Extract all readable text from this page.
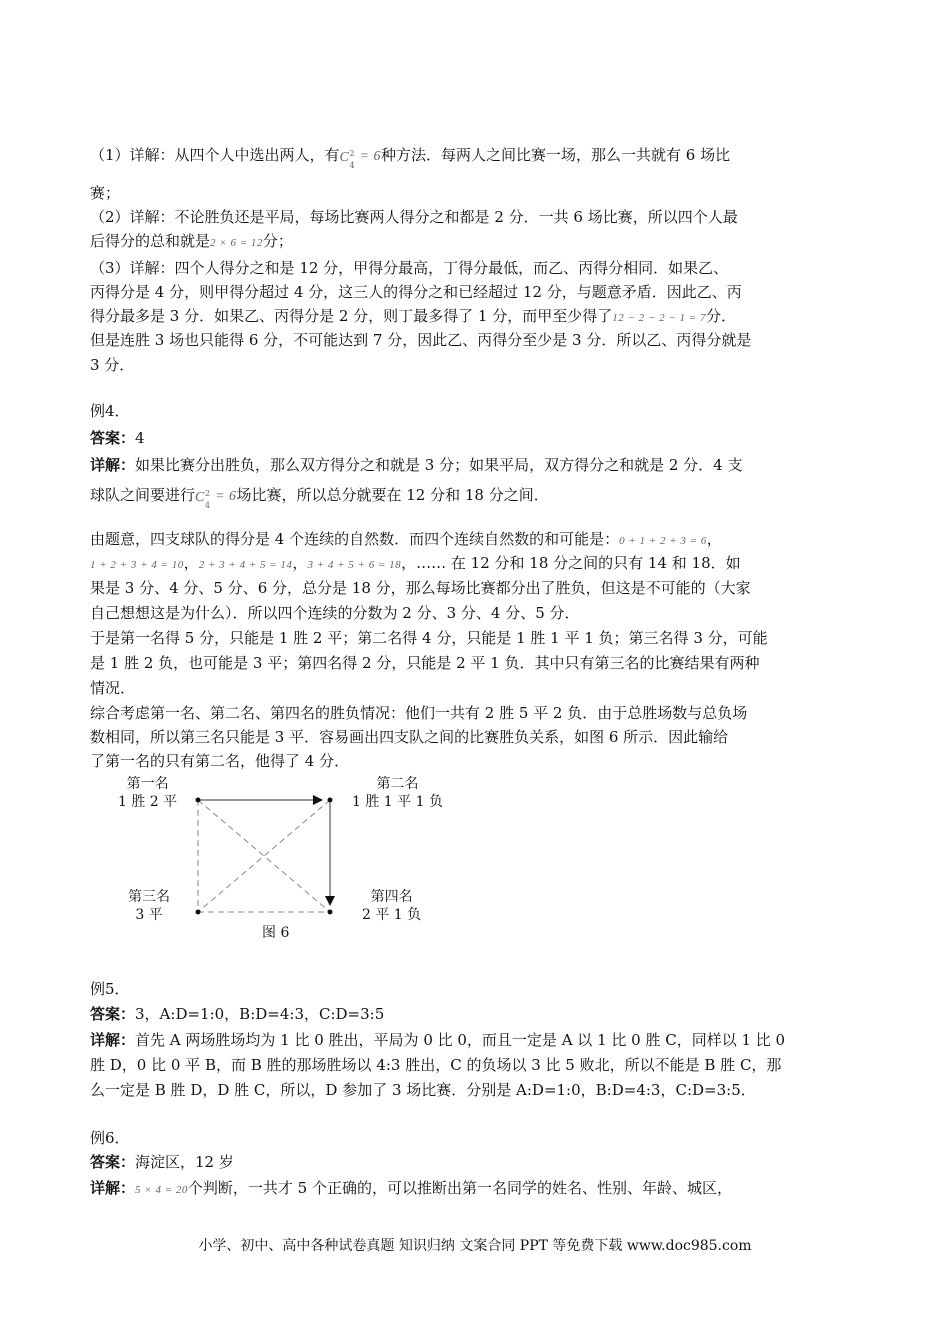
（1）详解：从四个人中选出两人，有 C 2
4
= 6种方法．每两人之间比赛一场，那么一共就有 6 场比

赛；

（2）详解：不论胜负还是平局，每场比赛两人得分之和都是 2 分．一共 6 场比赛，所以四个人最

后得分的总和就是2 × 6 = 12分；

（3）详解：四个人得分之和是 12 分，甲得分最高，丁得分最低，而乙、丙得分相同．如果乙、

丙得分是 4 分，则甲得分超过 4 分，这三人的得分之和已经超过 12 分，与题意矛盾．因此乙、丙

得分最多是 3 分．如果乙、丙得分是 2 分，则丁最多得了 1 分，而甲至少得了12 − 2 − 2 − 1 = 7分．

但是连胜 3 场也只能得 6 分，不可能达到 7 分，因此乙、丙得分至少是 3 分．所以乙、丙得分就是

3 分．

例4．

答案：4

详解：如果比赛分出胜负，那么双方得分之和就是 3 分；如果平局，双方得分之和就是 2 分．4 支

球队之间要进行 C 2
4
= 6场比赛，所以总分就要在 12 分和 18 分之间．

由题意，四支球队的得分是 4 个连续的自然数．而四个连续自然数的和可能是：0 + 1 + 2 + 3 = 6，

1 + 2 + 3 + 4 = 10，2 + 3 + 4 + 5 = 14，3 + 4 + 5 + 6 = 18，…… 在 12 分和 18 分之间的只有 14 和 18．如

果是 3 分、4 分、5 分、6 分，总分是 18 分，那么每场比赛都分出了胜负，但这是不可能的（大家

自己想想这是为什么）．所以四个连续的分数为 2 分、3 分、4 分、5 分．

于是第一名得 5 分，只能是 1 胜 2 平；第二名得 4 分，只能是 1 胜 1 平 1 负；第三名得 3 分，可能

是 1 胜 2 负，也可能是 3 平；第四名得 2 分，只能是 2 平 1 负．其中只有第三名的比赛结果有两种

情况．

综合考虑第一名、第二名、第四名的胜负情况：他们一共有 2 胜 5 平 2 负．由于总胜场数与总负场

数相同，所以第三名只能是 3 平．容易画出四支队之间的比赛胜负关系，如图 6 所示．因此输给

了第一名的只有第二名，他得了 4 分．

第一名
1 胜 2 平
第二名
1 胜 1 平 1 负
第三名
3 平
第四名
2 平 1 负
图 6

例5．

答案：3，A:D=1:0，B:D=4:3，C:D=3:5

详解：首先 A 两场胜场均为 1 比 0 胜出，平局为 0 比 0，而且一定是 A 以 1 比 0 胜 C，同样以 1 比 0

胜 D，0 比 0 平 B，而 B 胜的那场胜场以 4:3 胜出，C 的负场以 3 比 5 败北，所以不能是 B 胜 C，那

么一定是 B 胜 D，D 胜 C，所以，D 参加了 3 场比赛．分别是 A:D=1:0，B:D=4:3，C:D=3:5．

例6．

答案：海淀区，12 岁

详解：5 × 4 = 20个判断，一共才 5 个正确的，可以推断出第一名同学的姓名、性别、年龄、城区，

小学、初中、高中各种试卷真题 知识归纳 文案合同 PPT 等免费下载 www.doc985.com
